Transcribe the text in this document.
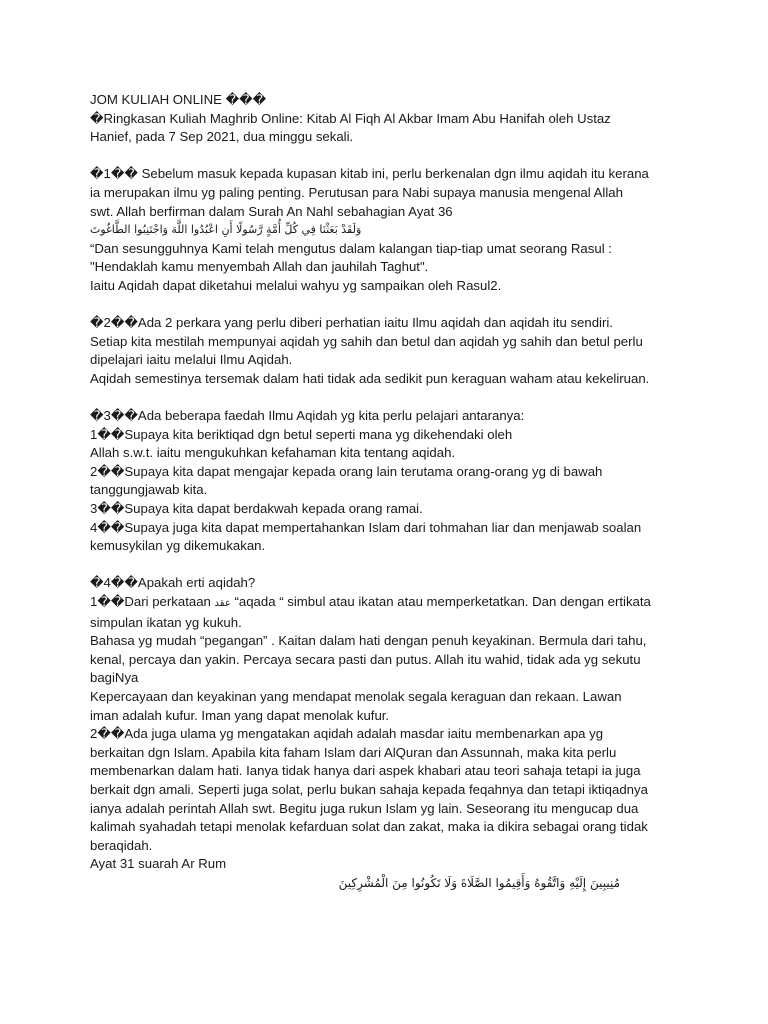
JOM KULIAH ONLINE ���
�Ringkasan Kuliah Maghrib Online: Kitab Al Fiqh Al Akbar Imam Abu Hanifah oleh Ustaz
Hanief, pada 7 Sep 2021, dua minggu sekali.
�1�� Sebelum masuk kepada kupasan kitab ini, perlu berkenalan dgn ilmu aqidah itu kerana
ia merupakan ilmu yg paling penting. Perutusan para Nabi supaya manusia mengenal Allah
swt. Allah berfirman dalam Surah An Nahl sebahagian Ayat 36
وَلَقَدْ بَعَثْنَا فِي كُلِّ أُمَّةٍ رَّسُولًا أَنِ اعْبُدُوا اللَّهَ وَاجْتَنِبُوا الطَّاغُوتَ
“Dan sesungguhnya Kami telah mengutus dalam kalangan tiap-tiap umat seorang Rasul :
"Hendaklah kamu menyembah Allah dan jauhilah Taghut".
Iaitu Aqidah dapat diketahui melalui wahyu yg sampaikan oleh Rasul2.
�2��Ada 2 perkara yang perlu diberi perhatian iaitu Ilmu aqidah dan aqidah itu sendiri.
Setiap kita mestilah mempunyai aqidah yg sahih dan betul dan aqidah yg sahih dan betul perlu
dipelajari iaitu melalui Ilmu Aqidah.
Aqidah semestinya tersemak dalam hati tidak ada sedikit pun keraguan waham atau kekeliruan.
�3��Ada beberapa faedah Ilmu Aqidah yg kita perlu pelajari antaranya:
1��Supaya kita beriktiqad dgn betul seperti mana yg dikehendaki oleh
Allah s.w.t. iaitu mengukuhkan kefahaman kita tentang aqidah.
2��Supaya kita dapat mengajar kepada orang lain terutama orang-orang yg di bawah
tanggungjawab kita.
3��Supaya kita dapat berdakwah kepada orang ramai.
4��Supaya juga kita dapat mempertahankan Islam dari tohmahan liar dan menjawab soalan
kemusykilan yg dikemukakan.
�4��Apakah erti aqidah?
1��Dari perkataan عقد “aqada “ simbul atau ikatan atau memperketatkan. Dan dengan ertikata
simpulan ikatan yg kukuh.
Bahasa yg mudah “pegangan” . Kaitan dalam hati dengan penuh keyakinan. Bermula dari tahu,
kenal, percaya dan yakin. Percaya secara pasti dan putus. Allah itu wahid, tidak ada yg sekutu
bagiNya
Kepercayaan dan keyakinan yang mendapat menolak segala keraguan dan rekaan. Lawan
iman adalah kufur. Iman yang dapat menolak kufur.
2��Ada juga ulama yg mengatakan aqidah adalah masdar iaitu membenarkan apa yg
berkaitan dgn Islam. Apabila kita faham Islam dari AlQuran dan Assunnah, maka kita perlu
membenarkan dalam hati. Ianya tidak hanya dari aspek khabari atau teori sahaja tetapi ia juga
berkait dgn amali. Seperti juga solat, perlu bukan sahaja kepada feqahnya dan tetapi iktiqadnya
ianya adalah perintah Allah swt. Begitu juga rukun Islam yg lain. Seseorang itu mengucap dua
kalimah syahadah tetapi menolak kefarduan solat dan zakat, maka ia dikira sebagai orang tidak
beraqidah.
Ayat 31 suarah Ar Rum
مُنِيبِينَ إِلَيْهِ وَاتَّقُوهُ وَأَقِيمُوا الصَّلَاةَ وَلَا تَكُونُوا مِنَ الْمُشْرِكِينَ
